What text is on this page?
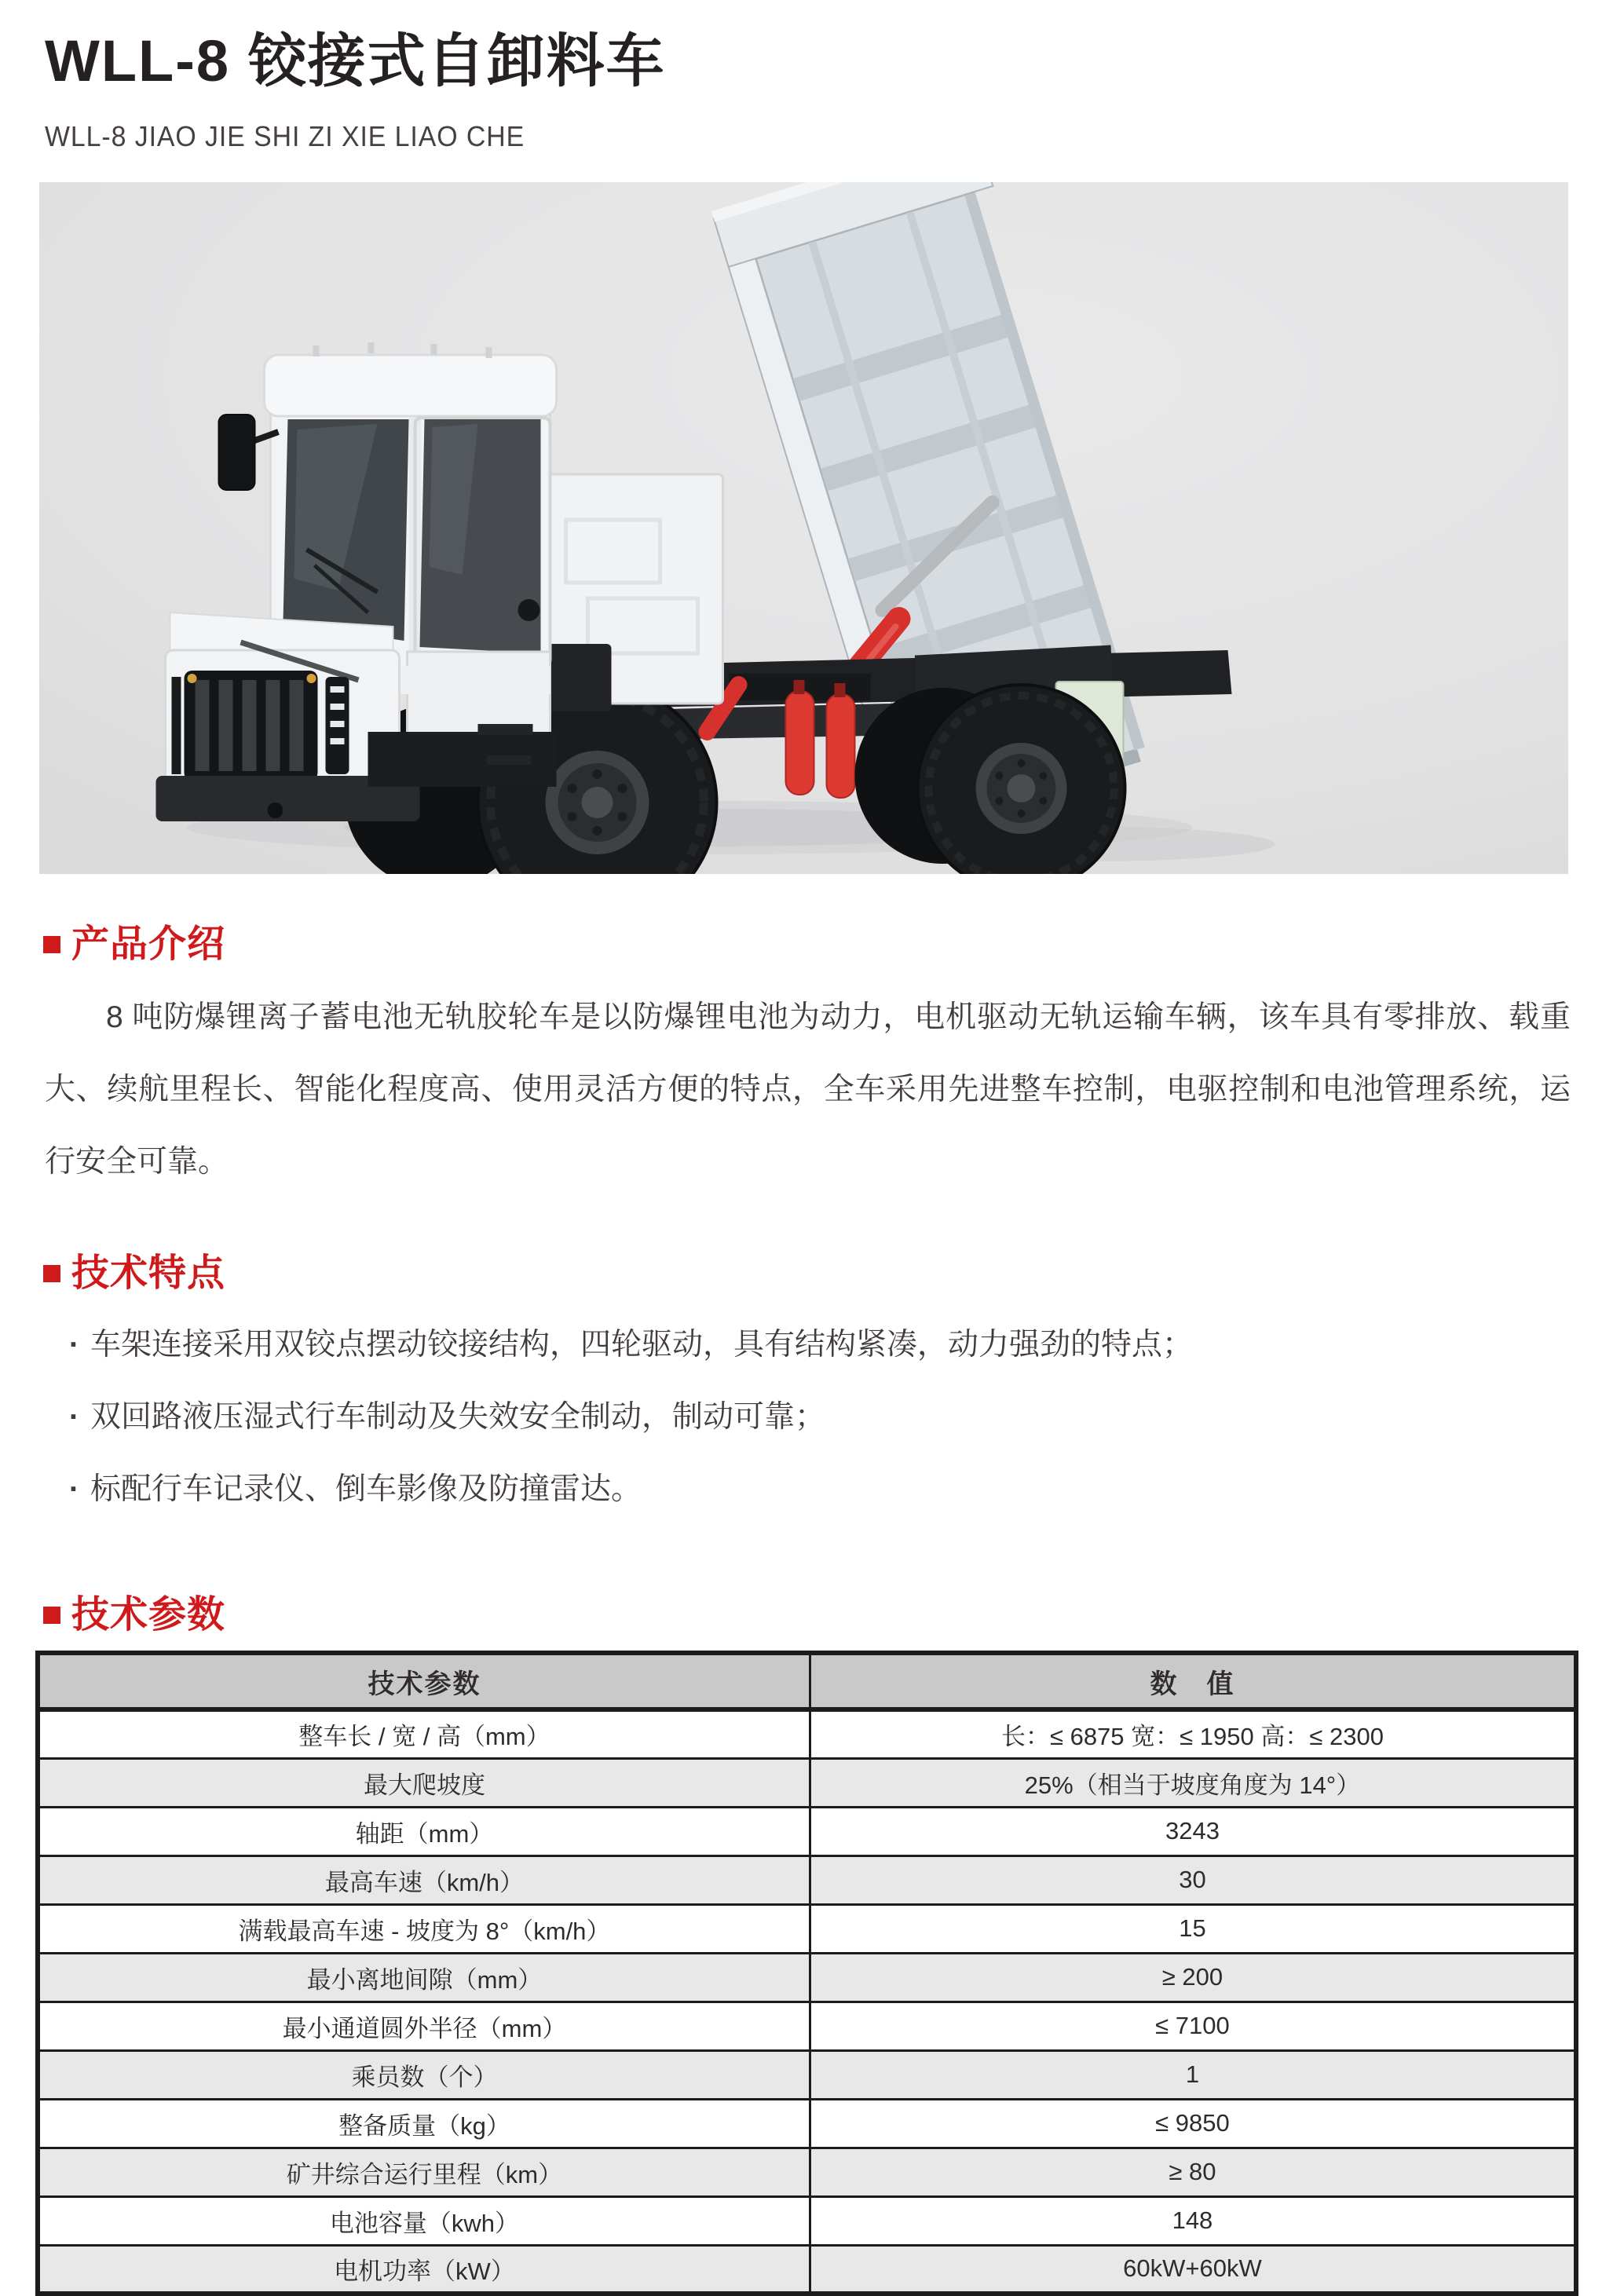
WLL-8 铰接式自卸料车
WLL-8 JIAO JIE SHI ZI XIE LIAO CHE
产品介绍

8 吨防爆锂离子蓄电池无轨胶轮车是以防爆锂电池为动力，电机驱动无轨运输车辆，该车具有零排放、载重大、续航里程长、智能化程度高、使用灵活方便的特点，全车采用先进整车控制，电驱控制和电池管理系统，运行安全可靠。

技术特点
· 车架连接采用双铰点摆动铰接结构，四轮驱动，具有结构紧凑，动力强劲的特点；
· 双回路液压湿式行车制动及失效安全制动，制动可靠；
· 标配行车记录仪、倒车影像及防撞雷达。
技术参数
技术参数	数　值
整车长 / 宽 / 高（mm）	长：≤ 6875 宽：≤ 1950 高：≤ 2300
最大爬坡度	25%（相当于坡度角度为 14°）
轴距（mm）	3243
最高车速（km/h）	30
满载最高车速 - 坡度为 8°（km/h）	15
最小离地间隙（mm）	≥ 200
最小通道圆外半径（mm）	≤ 7100
乘员数（个）	1
整备质量（kg）	≤ 9850
矿井综合运行里程（km）	≥ 80
电池容量（kwh）	148
电机功率（kW）	60kW+60kW
